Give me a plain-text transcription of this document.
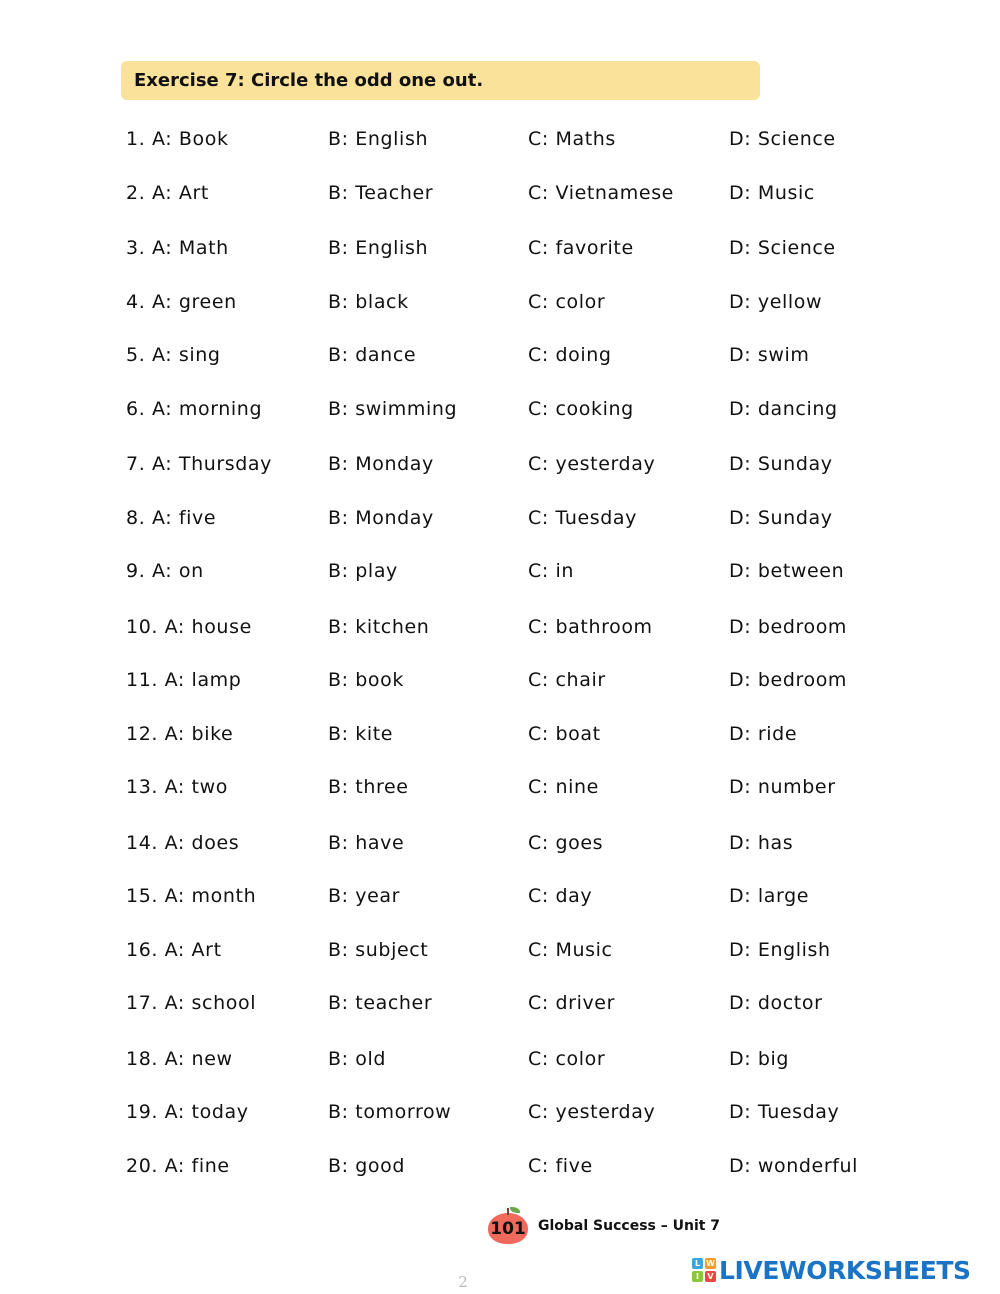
Exercise 7: Circle the odd one out.
1. A: Book	B: English	C: Maths	D: Science
2. A: Art	B: Teacher	C: Vietnamese	D: Music
3. A: Math	B: English	C: favorite	D: Science
4. A: green	B: black	C: color	D: yellow
5. A: sing	B: dance	C: doing	D: swim
6. A: morning	B: swimming	C: cooking	D: dancing
7. A: Thursday	B: Monday	C: yesterday	D: Sunday
8. A: five	B: Monday	C: Tuesday	D: Sunday
9. A: on	B: play	C: in	D: between
10. A: house	B: kitchen	C: bathroom	D: bedroom
11. A: lamp	B: book	C: chair	D: bedroom
12. A: bike	B: kite	C: boat	D: ride
13. A: two	B: three	C: nine	D: number
14. A: does	B: have	C: goes	D: has
15. A: month	B: year	C: day	D: large
16. A: Art	B: subject	C: Music	D: English
17. A: school	B: teacher	C: driver	D: doctor
18. A: new	B: old	C: color	D: big
19. A: today	B: tomorrow	C: yesterday	D: Tuesday
20. A: fine	B: good	C: five	D: wonderful
101 Global Success – Unit 7
L W
I	V LIVEWORKSHEETS
2
